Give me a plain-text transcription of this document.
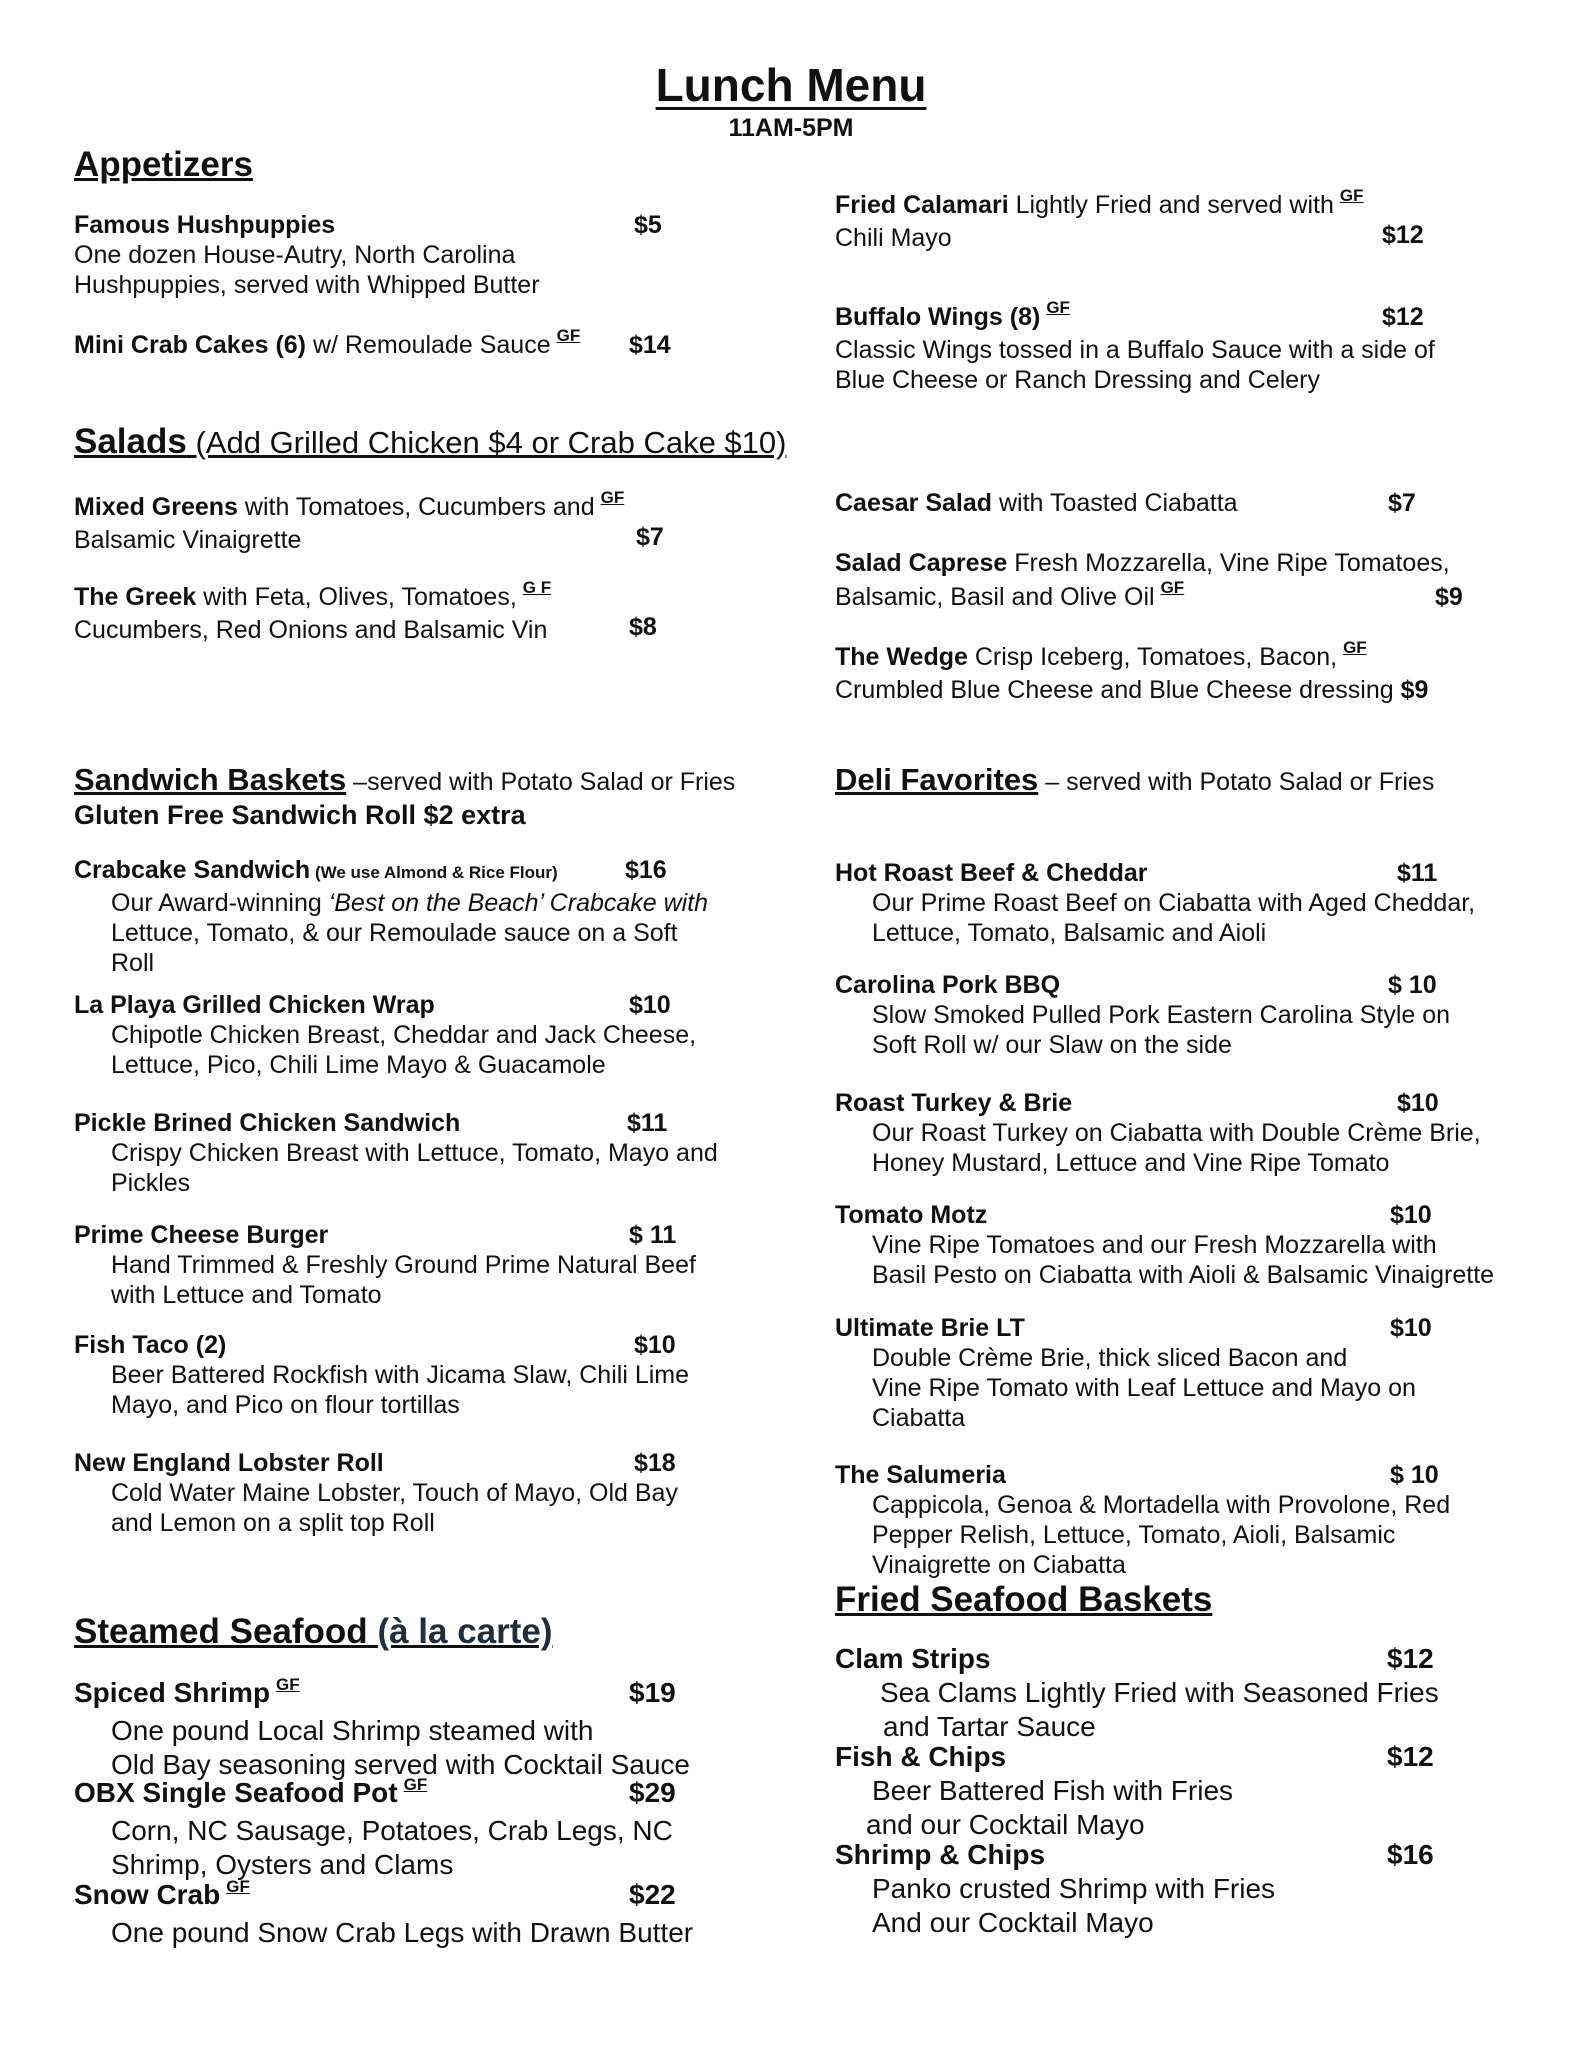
Lunch Menu
11AM-5PM
Appetizers
Famous Hushpuppies	$5
One dozen House-Autry, North Carolina
Hushpuppies, served with Whipped Butter
Mini Crab Cakes (6) w/ Remoulade Sauce $^{GF}$ $14
Fried Calamari Lightly Fried and served with $^{GF}$
Chili Mayo	$12
Buffalo Wings (8) $^{GF}$	$12
Classic Wings tossed in a Buffalo Sauce with a side of
Blue Cheese or Ranch Dressing and Celery
Salads (Add Grilled Chicken $4 or Crab Cake $10)
Mixed Greens with Tomatoes, Cucumbers and $^{GF}$
Balsamic Vinaigrette	$7
The Greek with Feta, Olives, Tomatoes, $^{G F}$
Cucumbers, Red Onions and Balsamic Vin	$8
Caesar Salad with Toasted Ciabatta	$7
Salad Caprese Fresh Mozzarella, Vine Ripe Tomatoes,
Balsamic, Basil and Olive Oil $^{GF}$	$9
The Wedge Crisp Iceberg, Tomatoes, Bacon, $^{GF}$
Crumbled Blue Cheese and Blue Cheese dressing $9
Sandwich Baskets –served with Potato Salad or Fries
Gluten Free Sandwich Roll $2 extra
Crabcake Sandwich (We use Almond & Rice Flour)	$16
Our Award-winning ‘Best on the Beach’ Crabcake with
Lettuce, Tomato, & our Remoulade sauce on a Soft
Roll
La Playa Grilled Chicken Wrap	$10
Chipotle Chicken Breast, Cheddar and Jack Cheese,
Lettuce, Pico, Chili Lime Mayo & Guacamole
Pickle Brined Chicken Sandwich	$11
Crispy Chicken Breast with Lettuce, Tomato, Mayo and
Pickles
Prime Cheese Burger	$ 11
Hand Trimmed & Freshly Ground Prime Natural Beef
with Lettuce and Tomato
Fish Taco (2)	$10
Beer Battered Rockfish with Jicama Slaw, Chili Lime
Mayo, and Pico on flour tortillas
New England Lobster Roll	$18
Cold Water Maine Lobster, Touch of Mayo, Old Bay
and Lemon on a split top Roll
Deli Favorites – served with Potato Salad or Fries
Hot Roast Beef & Cheddar	$11
Our Prime Roast Beef on Ciabatta with Aged Cheddar,
Lettuce, Tomato, Balsamic and Aioli
Carolina Pork BBQ	$ 10
Slow Smoked Pulled Pork Eastern Carolina Style on
Soft Roll w/ our Slaw on the side
Roast Turkey & Brie	$10
Our Roast Turkey on Ciabatta with Double Crème Brie,
Honey Mustard, Lettuce and Vine Ripe Tomato
Tomato Motz	$10
Vine Ripe Tomatoes and our Fresh Mozzarella with
Basil Pesto on Ciabatta with Aioli & Balsamic Vinaigrette
Ultimate Brie LT	$10
Double Crème Brie, thick sliced Bacon and
Vine Ripe Tomato with Leaf Lettuce and Mayo on
Ciabatta
The Salumeria	$ 10
Cappicola, Genoa & Mortadella with Provolone, Red
Pepper Relish, Lettuce, Tomato, Aioli, Balsamic
Vinaigrette on Ciabatta
Fried Seafood Baskets
Clam Strips	$12
Sea Clams Lightly Fried with Seasoned Fries
and Tartar Sauce
Fish & Chips	$12
Beer Battered Fish with Fries
and our Cocktail Mayo
Shrimp & Chips	$16
Panko crusted Shrimp with Fries
And our Cocktail Mayo
Steamed Seafood (à la carte)
Spiced Shrimp $^{GF}$	$19
One pound Local Shrimp steamed with
Old Bay seasoning served with Cocktail Sauce
OBX Single Seafood Pot $^{GF}$	$29
Corn, NC Sausage, Potatoes, Crab Legs, NC
Shrimp, Oysters and Clams
Snow Crab $^{GF}$	$22
One pound Snow Crab Legs with Drawn Butter
